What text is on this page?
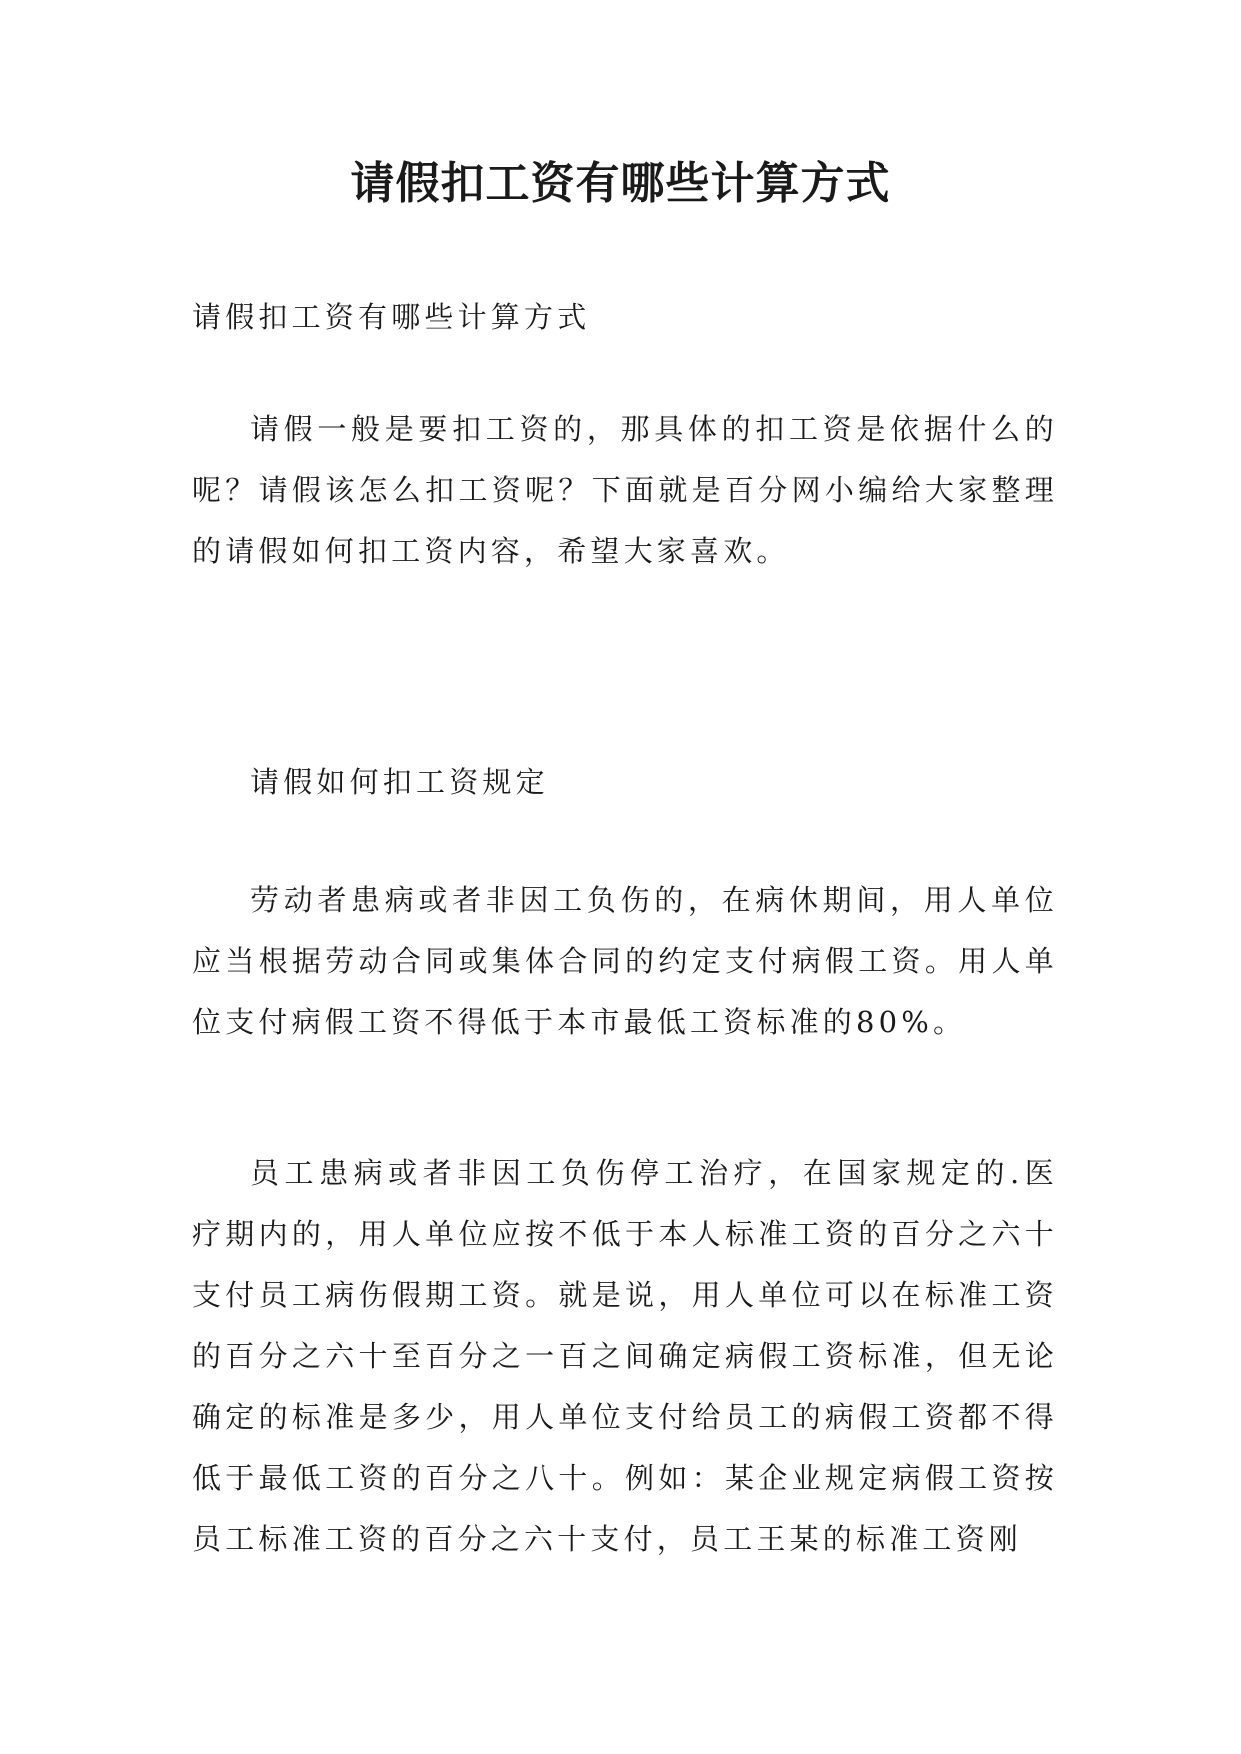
请假扣工资有哪些计算方式

请假扣工资有哪些计算方式

请假一般是要扣工资的，那具体的扣工资是依据什么的呢？请假该怎么扣工资呢？下面就是百分网小编给大家整理的请假如何扣工资内容，希望大家喜欢。

请假如何扣工资规定

劳动者患病或者非因工负伤的，在病休期间，用人单位应当根据劳动合同或集体合同的约定支付病假工资。用人单位支付病假工资不得低于本市最低工资标准的80%。

员工患病或者非因工负伤停工治疗，在国家规定的.医疗期内的，用人单位应按不低于本人标准工资的百分之六十支付员工病伤假期工资。就是说，用人单位可以在标准工资的百分之六十至百分之一百之间确定病假工资标准，但无论确定的标准是多少，用人单位支付给员工的病假工资都不得低于最低工资的百分之八十。例如：某企业规定病假工资按员工标准工资的百分之六十支付，员工王某的标准工资刚
